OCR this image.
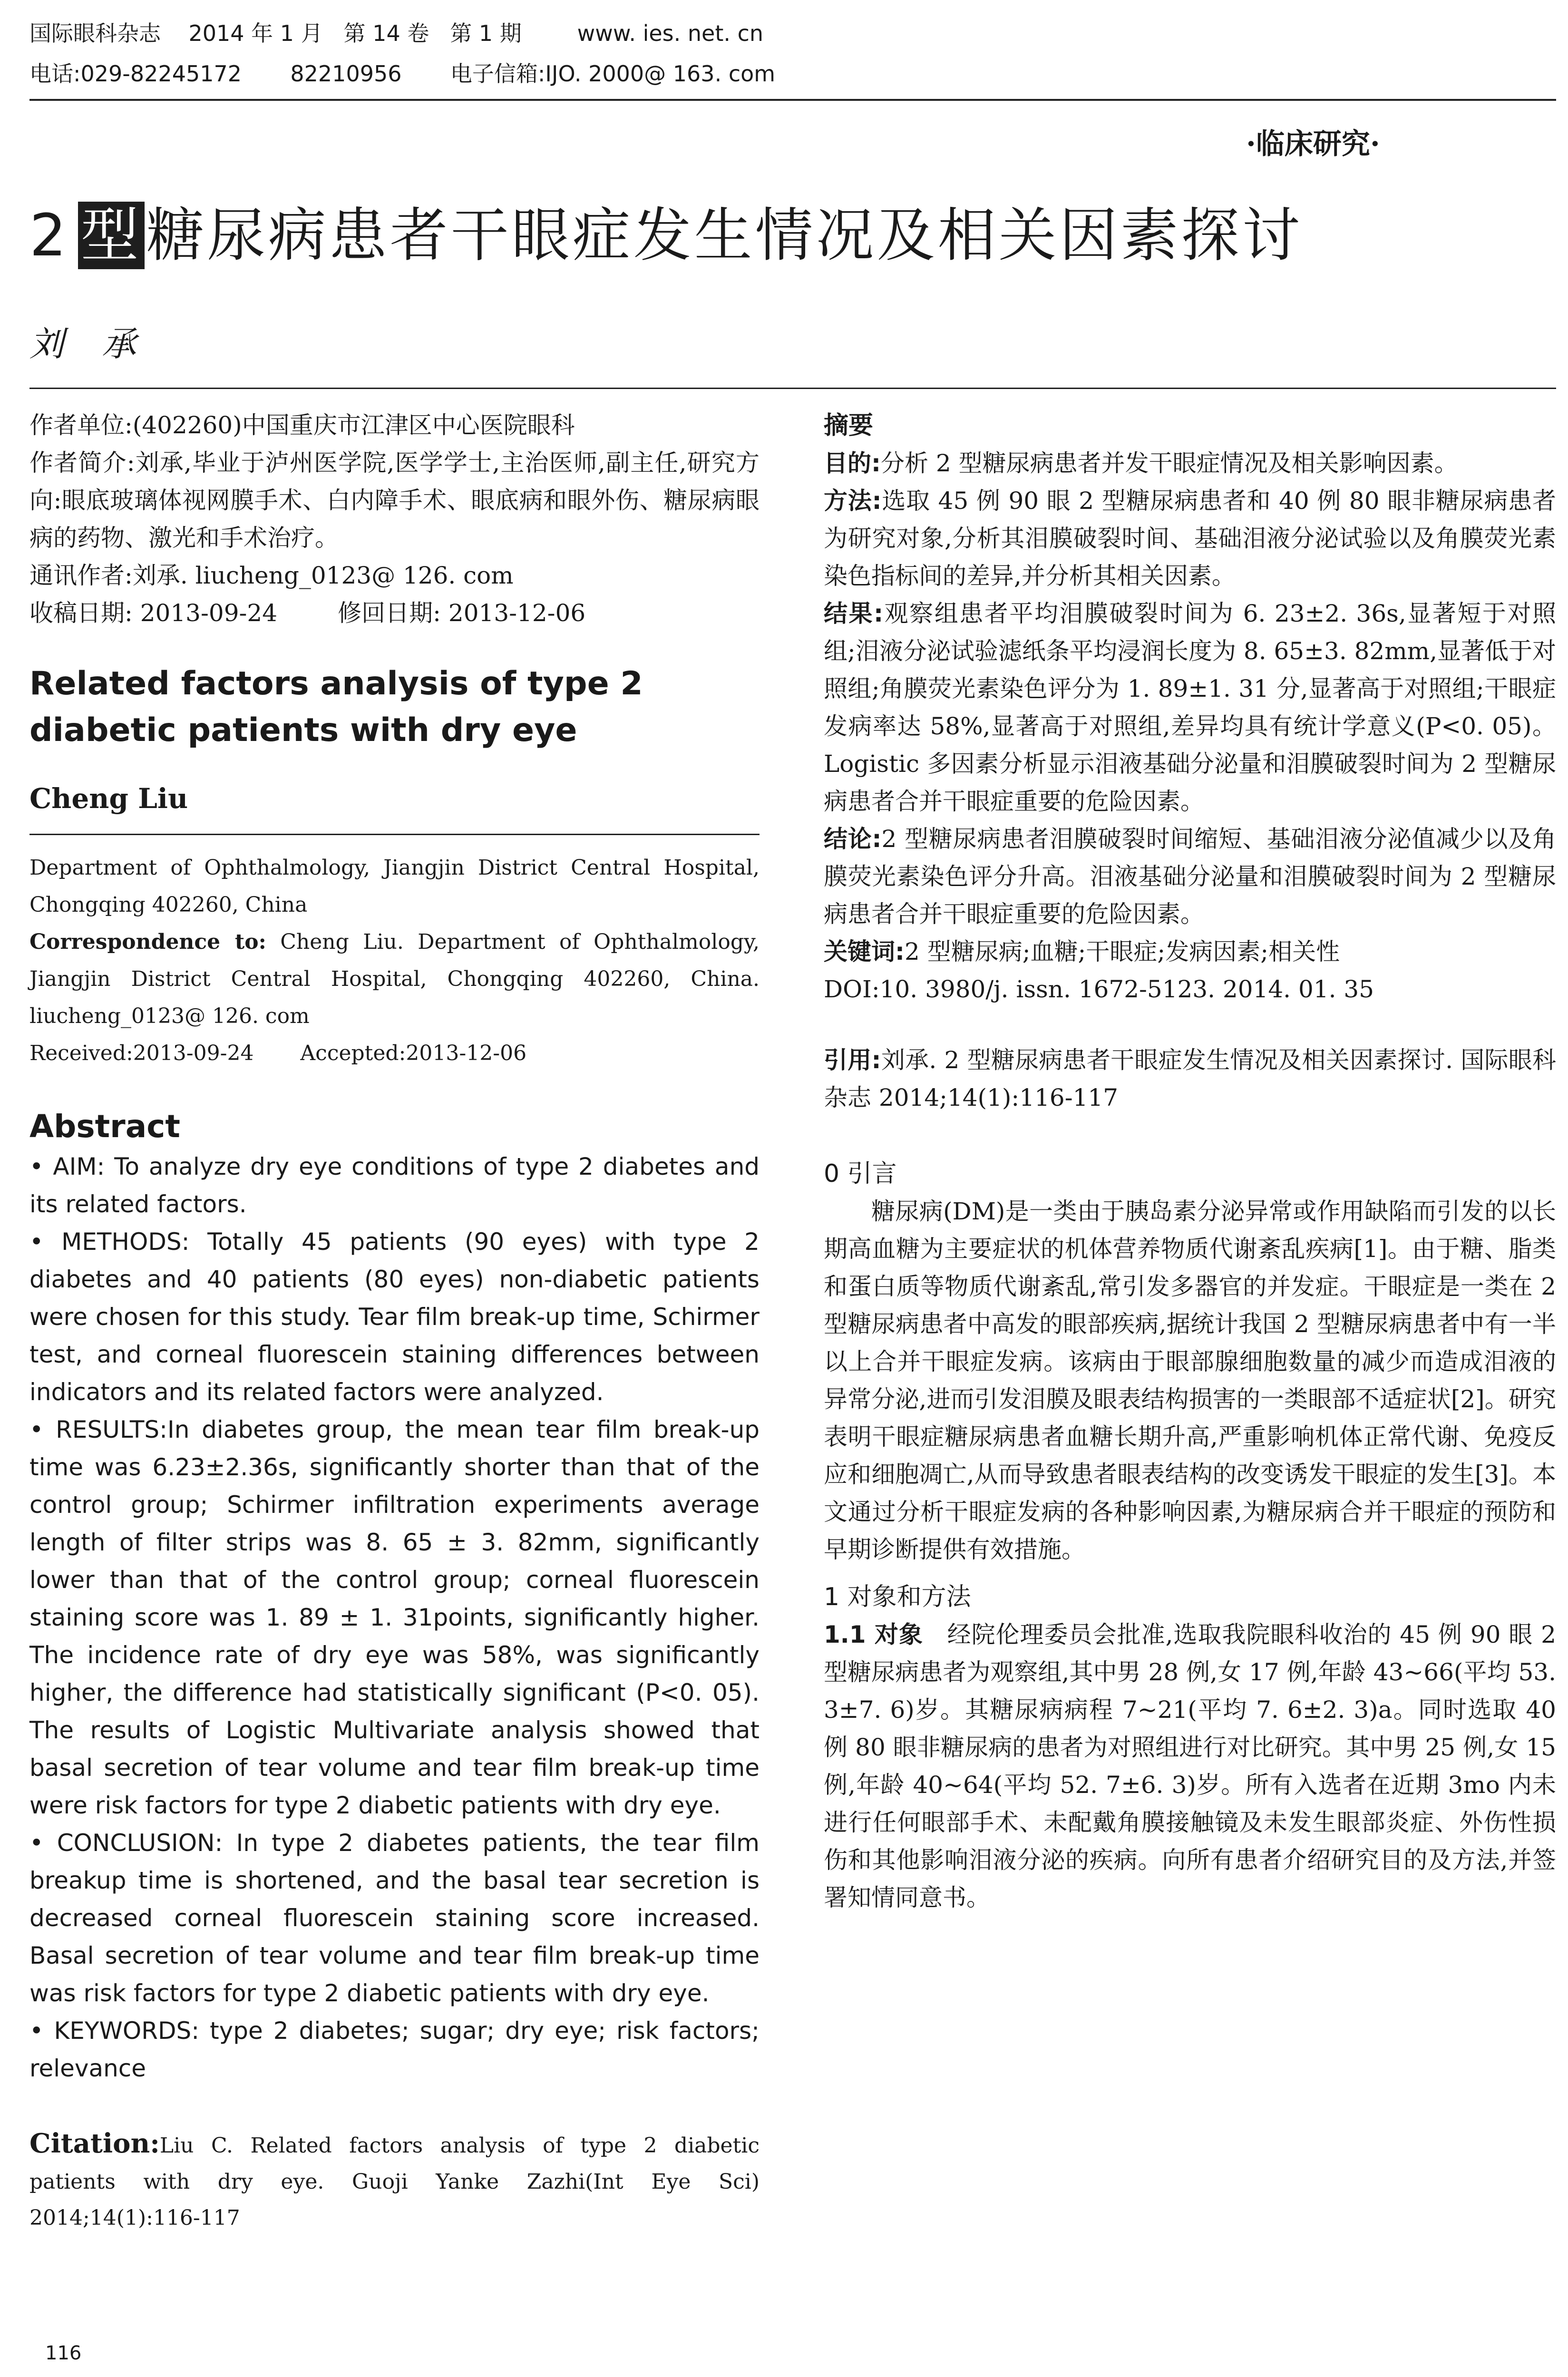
国际眼科杂志    2014 年 1 月   第 14 卷   第 1 期        www. ies. net. cn
电话:029-82245172       82210956       电子信箱:IJO. 2000@ 163. com
·临床研究·
2 型糖尿病患者干眼症发生情况及相关因素探讨
刘承

作者单位:(402260)中国重庆市江津区中心医院眼科

作者简介:刘承,毕业于泸州医学院,医学学士,主治医师,副主任,研究方向:眼底玻璃体视网膜手术、白内障手术、眼底病和眼外伤、糖尿病眼病的药物、激光和手术治疗。

通讯作者:刘承. liucheng_0123@ 126. com

收稿日期: 2013-09-24        修回日期: 2013-12-06

Related factors analysis of type 2 diabetic patients with dry eye
Cheng Liu

Department of Ophthalmology, Jiangjin District Central Hospital, Chongqing 402260, China

Correspondence to: Cheng Liu. Department of Ophthalmology, Jiangjin District Central Hospital, Chongqing 402260, China. liucheng_0123@ 126. com

Received:2013-09-24       Accepted:2013-12-06

Abstract

• AIM: To analyze dry eye conditions of type 2 diabetes and its related factors.

• METHODS: Totally 45 patients (90 eyes) with type 2 diabetes and 40 patients (80 eyes) non-diabetic patients were chosen for this study. Tear film break-up time, Schirmer test, and corneal fluorescein staining differences between indicators and its related factors were analyzed.

• RESULTS:In diabetes group, the mean tear film break-up time was 6.23±2.36s, significantly shorter than that of the control group; Schirmer infiltration experiments average length of filter strips was 8. 65 ± 3. 82mm, significantly lower than that of the control group; corneal fluorescein staining score was 1. 89 ± 1. 31points, significantly higher. The incidence rate of dry eye was 58%, was significantly higher, the difference had statistically significant (P<0. 05). The results of Logistic Multivariate analysis showed that basal secretion of tear volume and tear film break-up time were risk factors for type 2 diabetic patients with dry eye.

• CONCLUSION: In type 2 diabetes patients, the tear film breakup time is shortened, and the basal tear secretion is decreased corneal fluorescein staining score increased. Basal secretion of tear volume and tear film break-up time was risk factors for type 2 diabetic patients with dry eye.

• KEYWORDS: type 2 diabetes; sugar; dry eye; risk factors; relevance

Citation:Liu C. Related factors analysis of type 2 diabetic patients with dry eye. Guoji Yanke Zazhi(Int Eye Sci) 2014;14(1):116-117
摘要

目的:分析 2 型糖尿病患者并发干眼症情况及相关影响因素。

方法:选取 45 例 90 眼 2 型糖尿病患者和 40 例 80 眼非糖尿病患者为研究对象,分析其泪膜破裂时间、基础泪液分泌试验以及角膜荧光素染色指标间的差异,并分析其相关因素。

结果:观察组患者平均泪膜破裂时间为 6. 23±2. 36s,显著短于对照组;泪液分泌试验滤纸条平均浸润长度为 8. 65±3. 82mm,显著低于对照组;角膜荧光素染色评分为 1. 89±1. 31 分,显著高于对照组;干眼症发病率达 58%,显著高于对照组,差异均具有统计学意义(P<0. 05)。Logistic 多因素分析显示泪液基础分泌量和泪膜破裂时间为 2 型糖尿病患者合并干眼症重要的危险因素。

结论:2 型糖尿病患者泪膜破裂时间缩短、基础泪液分泌值减少以及角膜荧光素染色评分升高。泪液基础分泌量和泪膜破裂时间为 2 型糖尿病患者合并干眼症重要的危险因素。

关键词:2 型糖尿病;血糖;干眼症;发病因素;相关性

DOI:10. 3980/j. issn. 1672-5123. 2014. 01. 35

引用:刘承. 2 型糖尿病患者干眼症发生情况及相关因素探讨. 国际眼科杂志 2014;14(1):116-117

0 引言
糖尿病(DM)是一类由于胰岛素分泌异常或作用缺陷而引发的以长期高血糖为主要症状的机体营养物质代谢紊乱疾病[1]。由于糖、脂类和蛋白质等物质代谢紊乱,常引发多器官的并发症。干眼症是一类在 2 型糖尿病患者中高发的眼部疾病,据统计我国 2 型糖尿病患者中有一半以上合并干眼症发病。该病由于眼部腺细胞数量的减少而造成泪液的异常分泌,进而引发泪膜及眼表结构损害的一类眼部不适症状[2]。研究表明干眼症糖尿病患者血糖长期升高,严重影响机体正常代谢、免疫反应和细胞凋亡,从而导致患者眼表结构的改变诱发干眼症的发生[3]。本文通过分析干眼症发病的各种影响因素,为糖尿病合并干眼症的预防和早期诊断提供有效措施。
1 对象和方法

1.1 对象 经院伦理委员会批准,选取我院眼科收治的 45 例 90 眼 2 型糖尿病患者为观察组,其中男 28 例,女 17 例,年龄 43~66(平均 53. 3±7. 6)岁。其糖尿病病程 7~21(平均 7. 6±2. 3)a。同时选取 40 例 80 眼非糖尿病的患者为对照组进行对比研究。其中男 25 例,女 15 例,年龄 40~64(平均 52. 7±6. 3)岁。所有入选者在近期 3mo 内未进行任何眼部手术、未配戴角膜接触镜及未发生眼部炎症、外伤性损伤和其他影响泪液分泌的疾病。向所有患者介绍研究目的及方法,并签署知情同意书。

116
